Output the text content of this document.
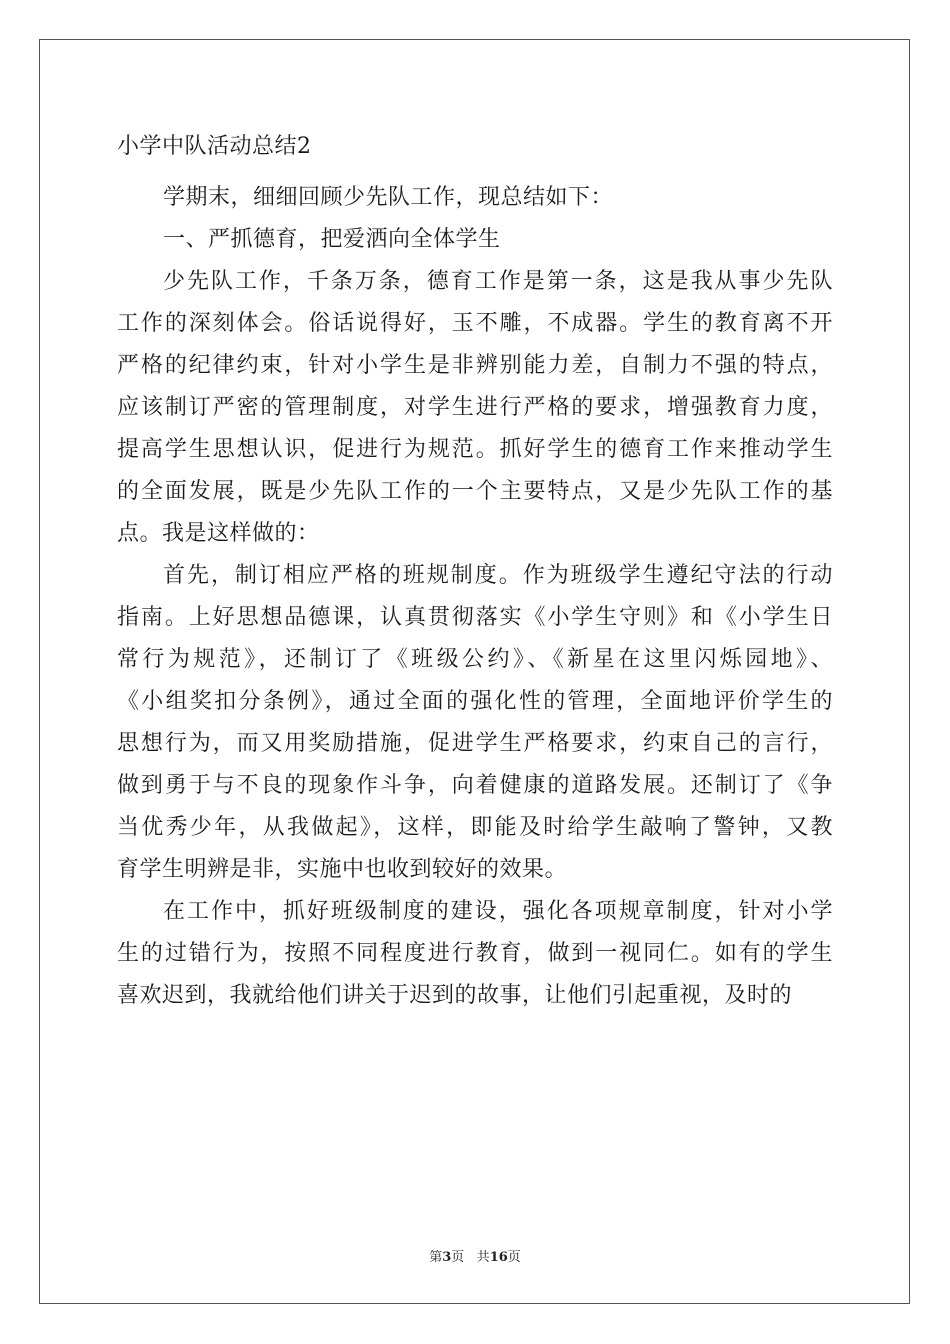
小学中队活动总结2
学期末，细细回顾少先队工作，现总结如下：
一、严抓德育，把爱洒向全体学生
少先队工作，千条万条，德育工作是第一条，这是我从事少先队
工作的深刻体会。俗话说得好，玉不雕，不成器。学生的教育离不开
严格的纪律约束，针对小学生是非辨别能力差，自制力不强的特点，
应该制订严密的管理制度，对学生进行严格的要求，增强教育力度，
提高学生思想认识，促进行为规范。抓好学生的德育工作来推动学生
的全面发展，既是少先队工作的一个主要特点，又是少先队工作的基
点。我是这样做的：
首先，制订相应严格的班规制度。作为班级学生遵纪守法的行动
指南。上好思想品德课，认真贯彻落实《小学生守则》和《小学生日
常行为规范》，还制订了《班级公约》、《新星在这里闪烁园地》、
《小组奖扣分条例》，通过全面的强化性的管理，全面地评价学生的
思想行为，而又用奖励措施，促进学生严格要求，约束自己的言行，
做到勇于与不良的现象作斗争，向着健康的道路发展。还制订了《争
当优秀少年，从我做起》，这样，即能及时给学生敲响了警钟，又教
育学生明辨是非，实施中也收到较好的效果。
在工作中，抓好班级制度的建设，强化各项规章制度，针对小学
生的过错行为，按照不同程度进行教育，做到一视同仁。如有的学生
喜欢迟到，我就给他们讲关于迟到的故事，让他们引起重视，及时的
第3页 共16页
